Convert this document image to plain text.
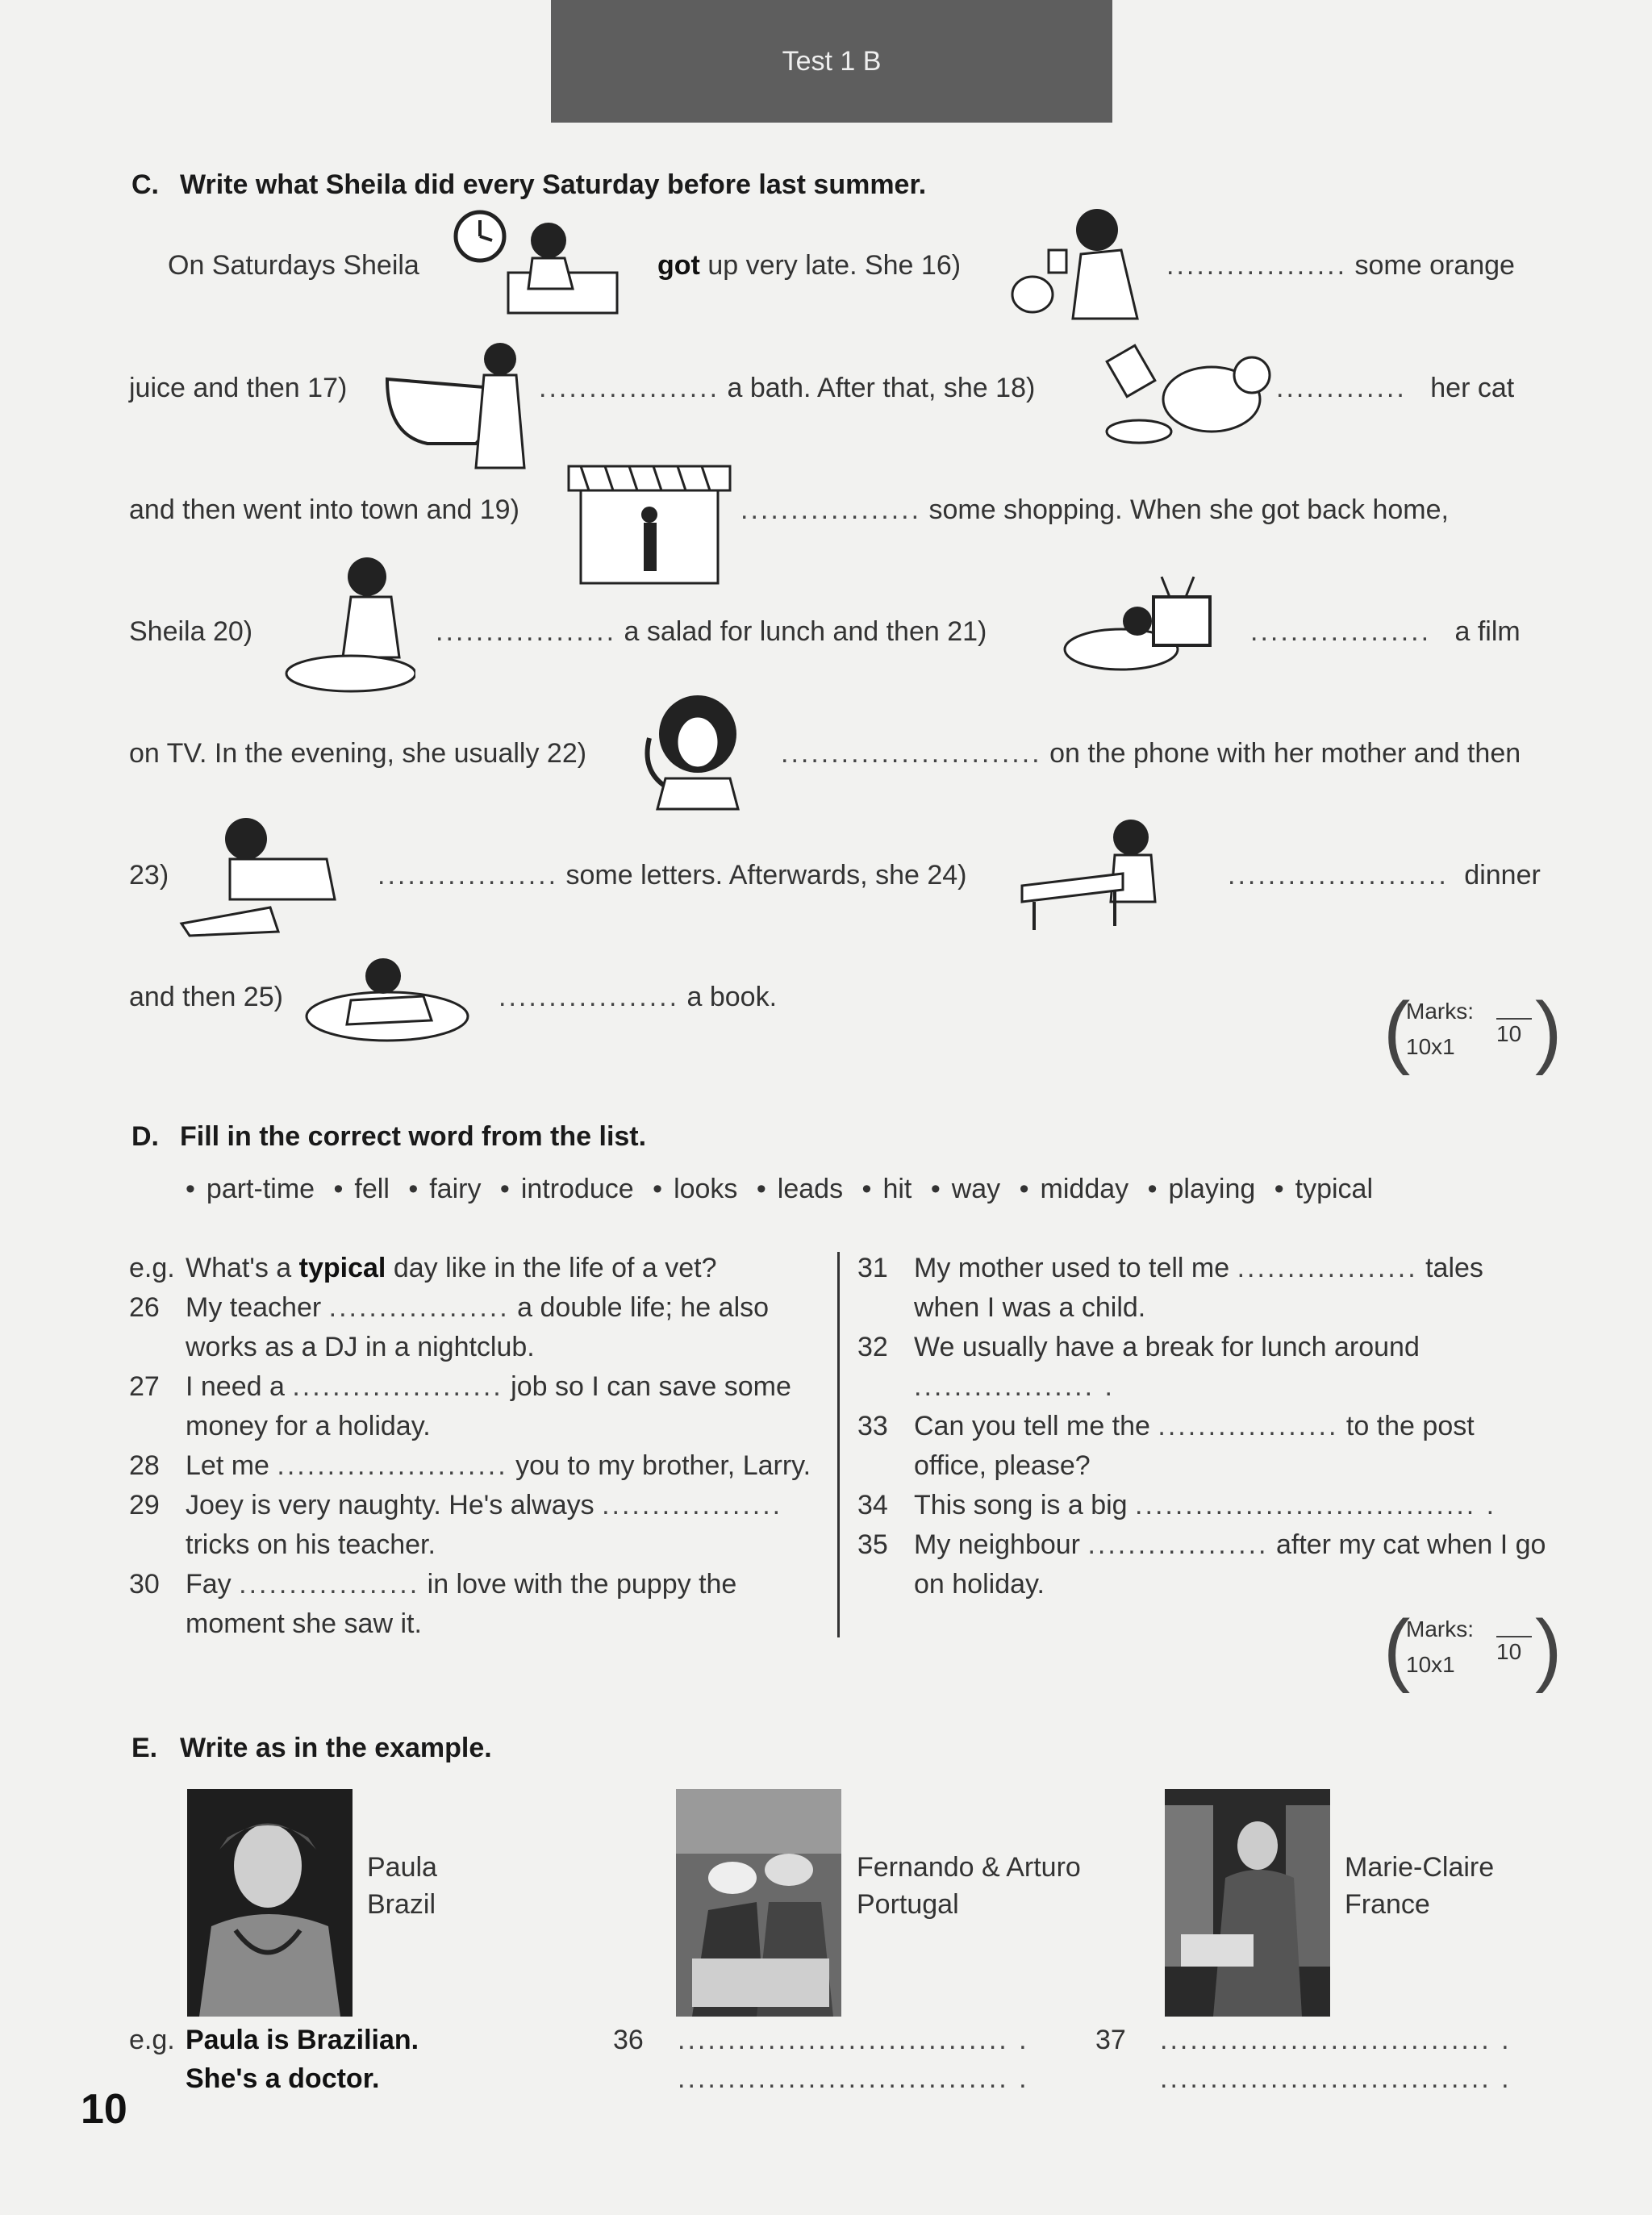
Test 1 B
C. Write what Sheila did every Saturday before last summer.
On Saturdays Sheila	got up very late. She 16)	.................. some orange
juice and then 17)	.................. a bath. After that, she 18)	............. her cat
and then went into town and 19)	.................. some shopping. When she got back home,
Sheila 20)	.................. a salad for lunch and then 21)	.................. a film
on TV. In the evening, she usually 22)	.......................... on the phone with her mother and then
23)	.................. some letters. Afterwards, she 24)	...................... dinner
and then 25)	.................. a book.	(
Marks:
10x1
10 )
D. Fill in the correct word from the list.
• part-time • fell • fairy • introduce • looks • leads • hit • way • midday • playing • typical
e.g. What's a typical day like in the life of a vet?
26 My teacher .................. a double life; he also works as a DJ in a nightclub.
27 I need a ..................... job so I can save some money for a holiday.
28 Let me ....................... you to my brother, Larry.
29 Joey is very naughty. He's always .................. tricks on his teacher.
30 Fay .................. in love with the puppy the moment she saw it.
31 My mother used to tell me .................. tales when I was a child.
32 We usually have a break for lunch around .................. .
33 Can you tell me the .................. to the post office, please?
34 This song is a big .................................. .
35 My neighbour .................. after my cat when I go on holiday.
(
Marks:
10x1
10 )
E. Write as in the example.
Paula
Brazil
Fernando & Arturo
Portugal
Marie-Claire
France
e.g. Paula is Brazilian.
She's a doctor.
36 ................................. .
................................. .
37 ................................. .
................................. .
10
